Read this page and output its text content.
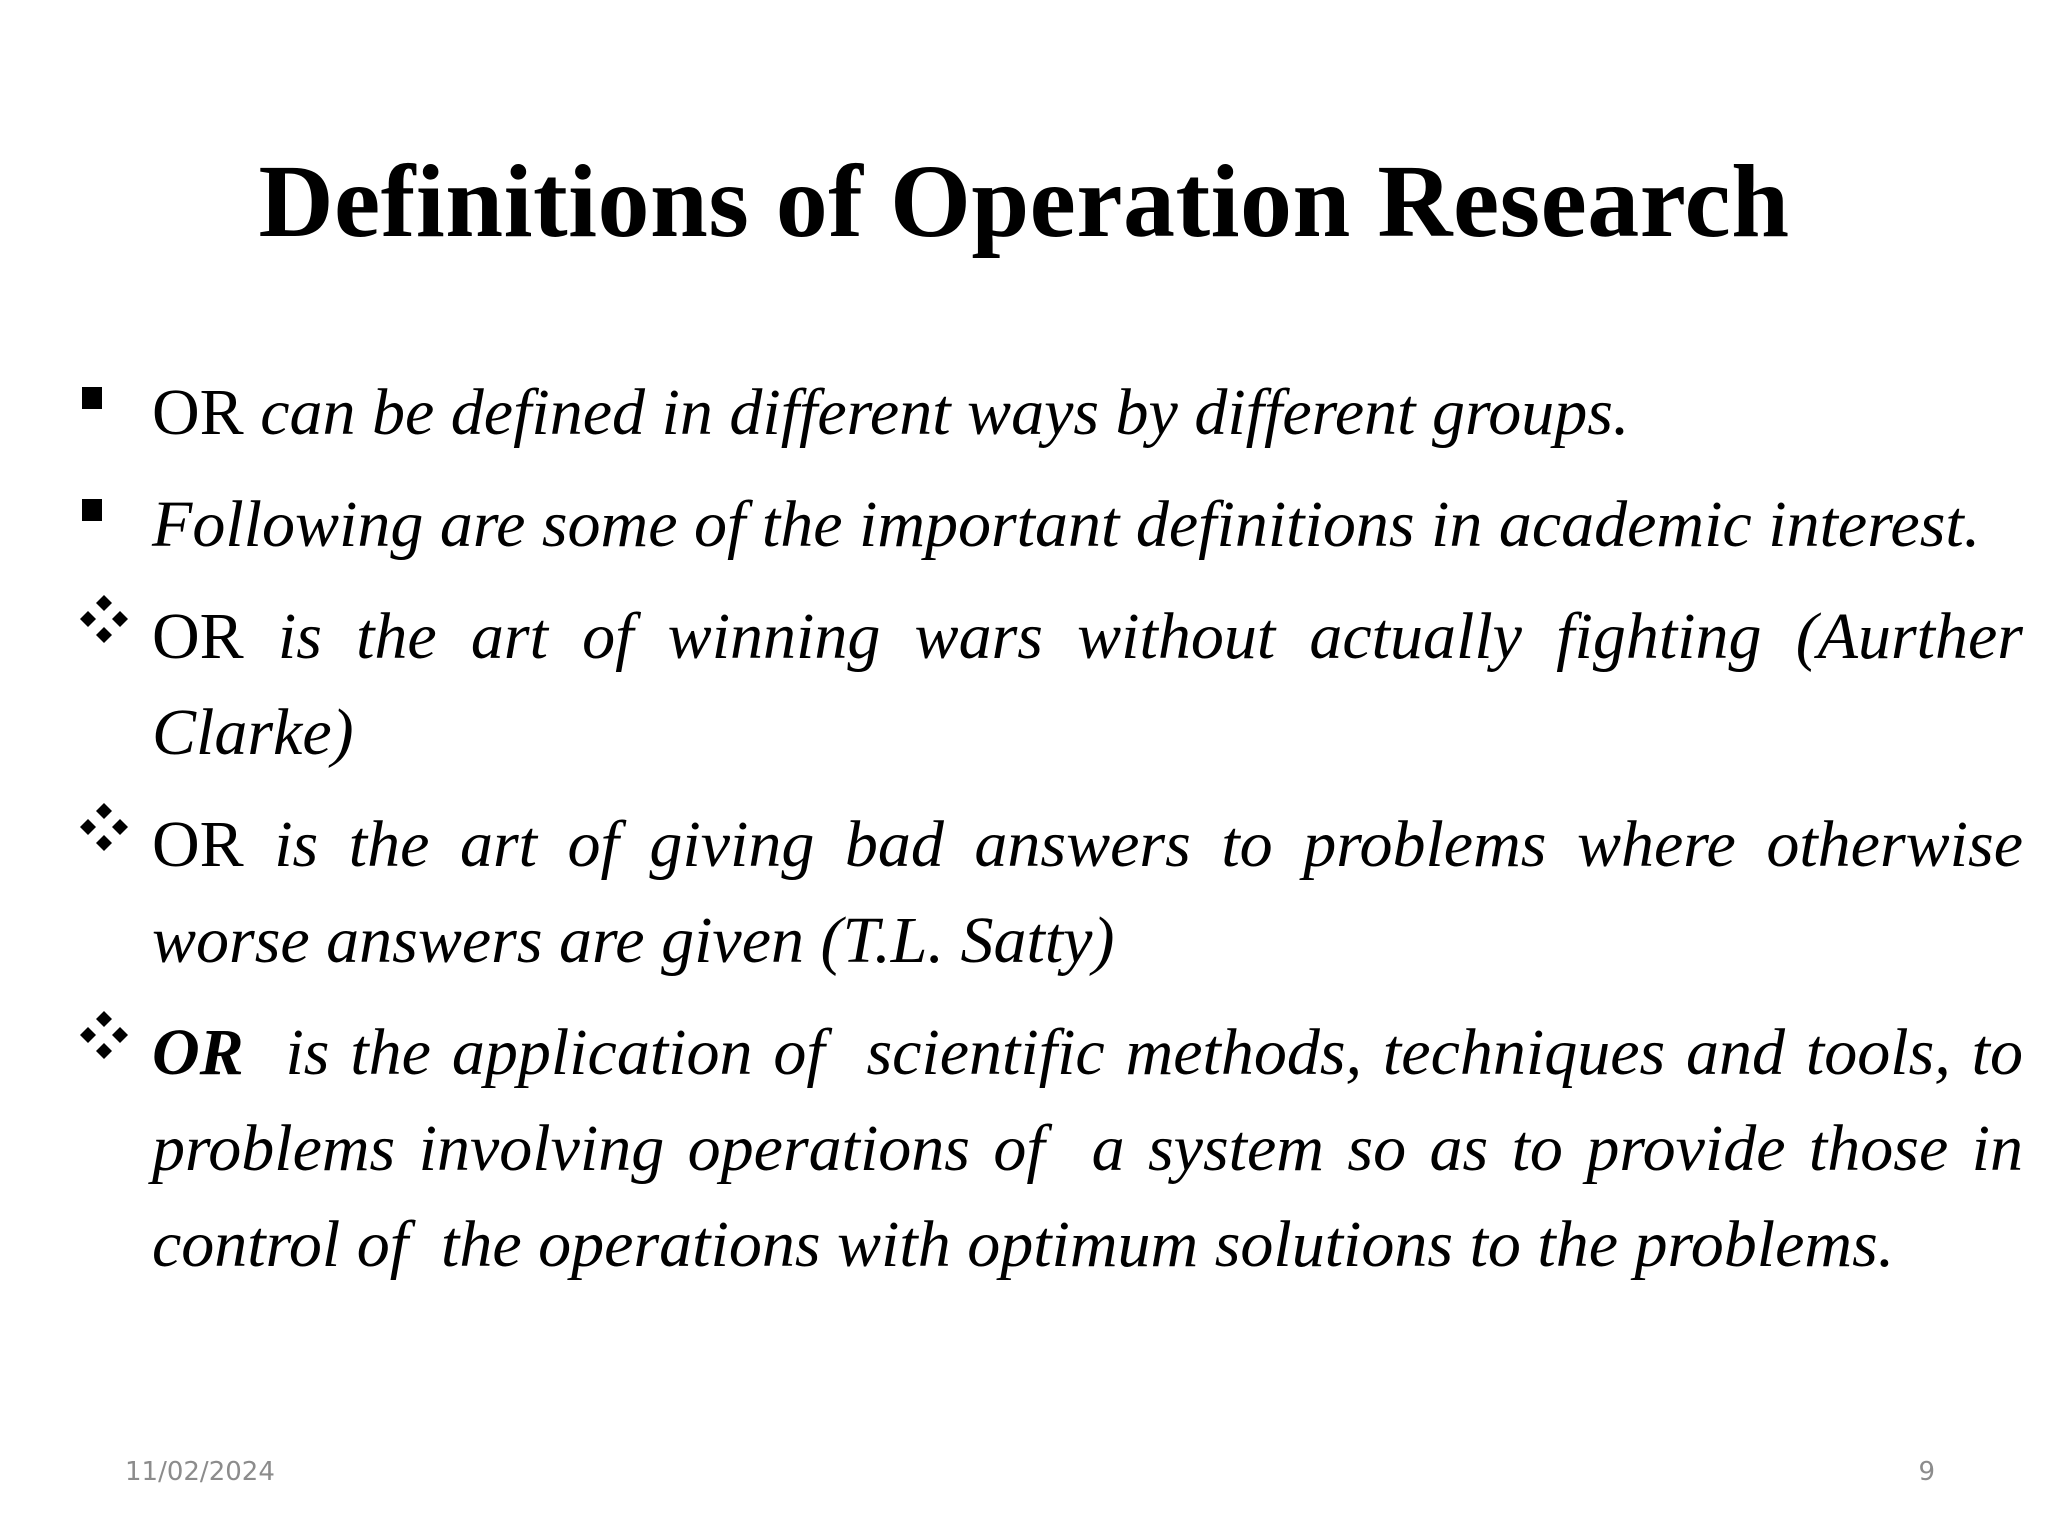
Definitions of Operation Research
OR can be defined in different ways by different groups.
Following are some of the important definitions in academic interest.
OR is the art of winning wars without actually fighting (Aurther Clarke)
OR is the art of giving bad answers to problems where otherwise worse answers are given (T.L. Satty)
OR  is the application of  scientific methods, techniques and tools, to problems involving operations of  a system so as to provide those in control of  the operations with optimum solutions to the problems.
11/02/2024	9
